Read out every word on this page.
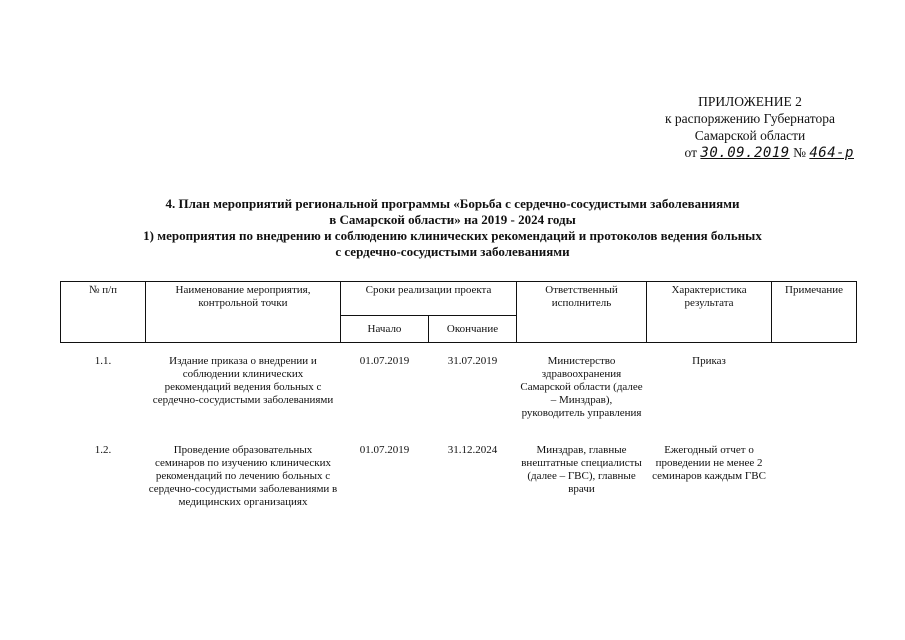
ПРИЛОЖЕНИЕ 2
к распоряжению Губернатора
Самарской области
от 30.09.2019 № 464-р
4. План мероприятий региональной программы «Борьба с сердечно-сосудистыми заболеваниями
в Самарской области» на 2019 - 2024 годы
1) мероприятия по внедрению и соблюдению клинических рекомендаций и протоколов ведения больных
с сердечно-сосудистыми заболеваниями
№ п/п	Наименование мероприятия, контрольной точки	Сроки реализации проекта		Ответственный исполнитель	Характеристика результата	Примечание
		Начало	Окончание			

1.1.	Издание приказа о внедрении и соблюдении клинических рекомендаций ведения больных с сердечно-сосудистыми заболеваниями	01.07.2019	31.07.2019	Министерство здравоохранения Самарской области (далее – Минздрав), руководитель управления	Приказ	

1.2.	Проведение образовательных семинаров по изучению клинических рекомендаций по лечению больных с сердечно-сосудистыми заболеваниями в медицинских организациях	01.07.2019	31.12.2024	Минздрав, главные внештатные специалисты (далее – ГВС), главные врачи	Ежегодный отчет о проведении не менее 2 семинаров каждым ГВС	
